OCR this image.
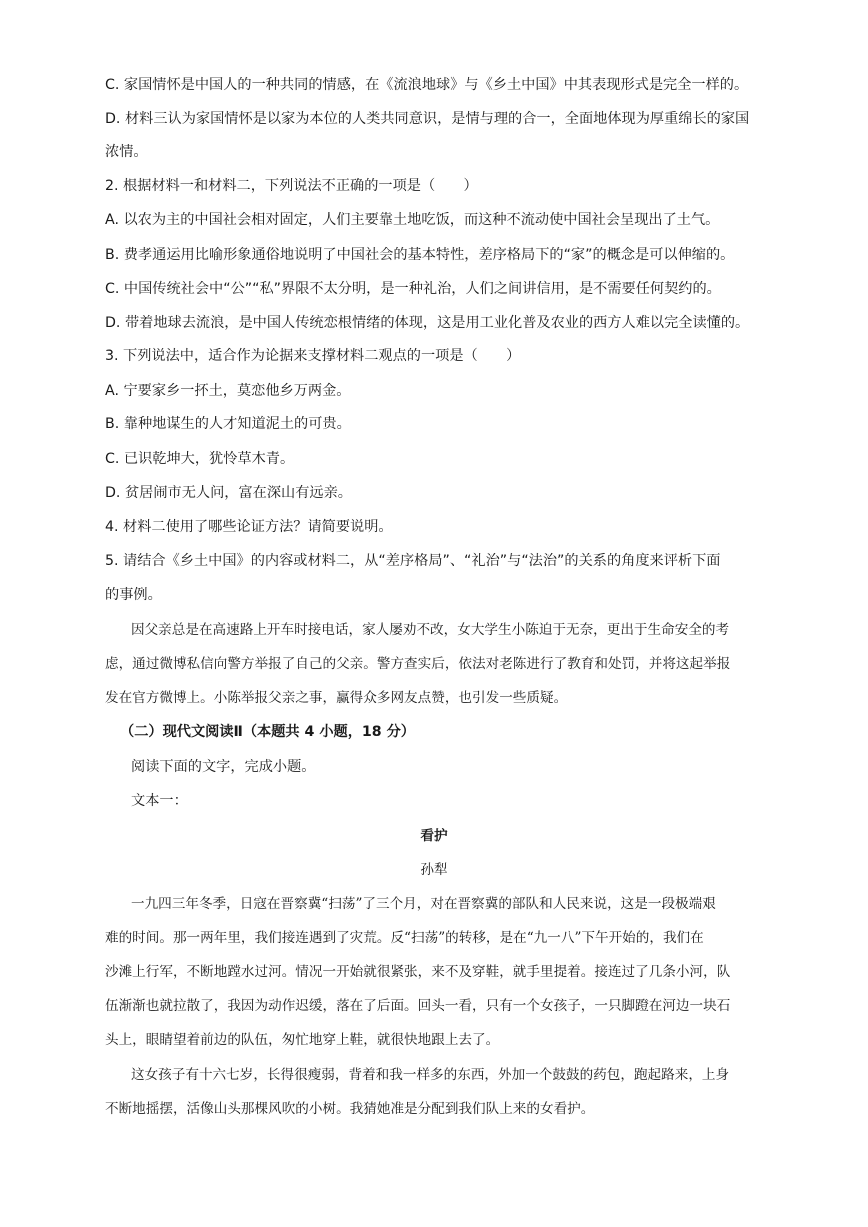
C. 家国情怀是中国人的一种共同的情感，在《流浪地球》与《乡土中国》中其表现形式是完全一样的。
D. 材料三认为家国情怀是以家为本位的人类共同意识，是情与理的合一，全面地体现为厚重绵长的家国
浓情。
2. 根据材料一和材料二，下列说法不正确的一项是（　　）
A. 以农为主的中国社会相对固定，人们主要靠土地吃饭，而这种不流动使中国社会呈现出了土气。
B. 费孝通运用比喻形象通俗地说明了中国社会的基本特性，差序格局下的“家”的概念是可以伸缩的。
C. 中国传统社会中“公”“私”界限不太分明，是一种礼治，人们之间讲信用，是不需要任何契约的。
D. 带着地球去流浪，是中国人传统恋根情绪的体现，这是用工业化普及农业的西方人难以完全读懂的。
3. 下列说法中，适合作为论据来支撑材料二观点的一项是（　　）
A. 宁要家乡一抔土，莫恋他乡万两金。
B. 靠种地谋生的人才知道泥土的可贵。
C. 已识乾坤大，犹怜草木青。
D. 贫居闹市无人问，富在深山有远亲。
4. 材料二使用了哪些论证方法？请简要说明。
5. 请结合《乡土中国》的内容或材料二，从“差序格局”、“礼治”与“法治”的关系的角度来评析下面
的事例。
因父亲总是在高速路上开车时接电话，家人屡劝不改，女大学生小陈迫于无奈，更出于生命安全的考
虑，通过微博私信向警方举报了自己的父亲。警方查实后，依法对老陈进行了教育和处罚，并将这起举报
发在官方微博上。小陈举报父亲之事，赢得众多网友点赞，也引发一些质疑。
（二）现代文阅读Ⅱ（本题共 4 小题，18 分）
阅读下面的文字，完成小题。
文本一：
看护
孙犁
一九四三年冬季，日寇在晋察冀“扫荡”了三个月，对在晋察冀的部队和人民来说，这是一段极端艰
难的时间。那一两年里，我们接连遇到了灾荒。反“扫荡”的转移，是在“九一八”下午开始的，我们在
沙滩上行军，不断地蹚水过河。情况一开始就很紧张，来不及穿鞋，就手里提着。接连过了几条小河，队
伍渐渐也就拉散了，我因为动作迟缓，落在了后面。回头一看，只有一个女孩子，一只脚蹬在河边一块石
头上，眼睛望着前边的队伍，匆忙地穿上鞋，就很快地跟上去了。
这女孩子有十六七岁，长得很瘦弱，背着和我一样多的东西，外加一个鼓鼓的药包，跑起路来，上身
不断地摇摆，活像山头那棵风吹的小树。我猜她准是分配到我们队上来的女看护。
